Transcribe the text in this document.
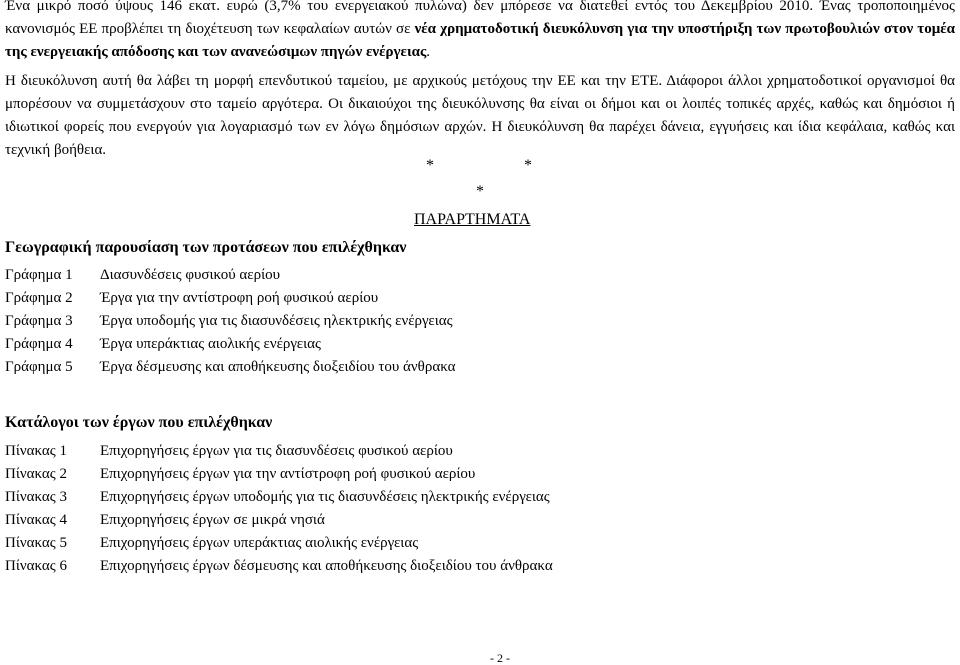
Ένα μικρό ποσό ύψους 146 εκατ. ευρώ (3,7% του ενεργειακού πυλώνα) δεν μπόρεσε να διατεθεί εντός του Δεκεμβρίου 2010. Ένας τροποποιημένος κανονισμός ΕΕ προβλέπει τη διοχέτευση των κεφαλαίων αυτών σε νέα χρηματοδοτική διευκόλυνση για την υποστήριξη των πρωτοβουλιών στον τομέα της ενεργειακής απόδοσης και των ανανεώσιμων πηγών ενέργειας.
Η διευκόλυνση αυτή θα λάβει τη μορφή επενδυτικού ταμείου, με αρχικούς μετόχους την ΕΕ και την ΕΤΕ. Διάφοροι άλλοι χρηματοδοτικοί οργανισμοί θα μπορέσουν να συμμετάσχουν στο ταμείο αργότερα. Οι δικαιούχοι της διευκόλυνσης θα είναι οι δήμοι και οι λοιπές τοπικές αρχές, καθώς και δημόσιοι ή ιδιωτικοί φορείς που ενεργούν για λογαριασμό των εν λόγω δημόσιων αρχών. Η διευκόλυνση θα παρέχει δάνεια, εγγυήσεις και ίδια κεφάλαια, καθώς και τεχνική βοήθεια.
*	*
*
ΠΑΡΑΡΤΗΜΑΤΑ
Γεωγραφική παρουσίαση των προτάσεων που επιλέχθηκαν
Γράφημα 1 Διασυνδέσεις φυσικού αερίου
Γράφημα 2 Έργα για την αντίστροφη ροή φυσικού αερίου
Γράφημα 3 Έργα υποδομής για τις διασυνδέσεις ηλεκτρικής ενέργειας
Γράφημα 4 Έργα υπεράκτιας αιολικής ενέργειας
Γράφημα 5 Έργα δέσμευσης και αποθήκευσης διοξειδίου του άνθρακα
Κατάλογοι των έργων που επιλέχθηκαν
Πίνακας 1 Επιχορηγήσεις έργων για τις διασυνδέσεις φυσικού αερίου
Πίνακας 2 Επιχορηγήσεις έργων για την αντίστροφη ροή φυσικού αερίου
Πίνακας 3 Επιχορηγήσεις έργων υποδομής για τις διασυνδέσεις ηλεκτρικής ενέργειας
Πίνακας 4 Επιχορηγήσεις έργων σε μικρά νησιά
Πίνακας 5 Επιχορηγήσεις έργων υπεράκτιας αιολικής ενέργειας
Πίνακας 6 Επιχορηγήσεις έργων δέσμευσης και αποθήκευσης διοξειδίου του άνθρακα
- 2 -
